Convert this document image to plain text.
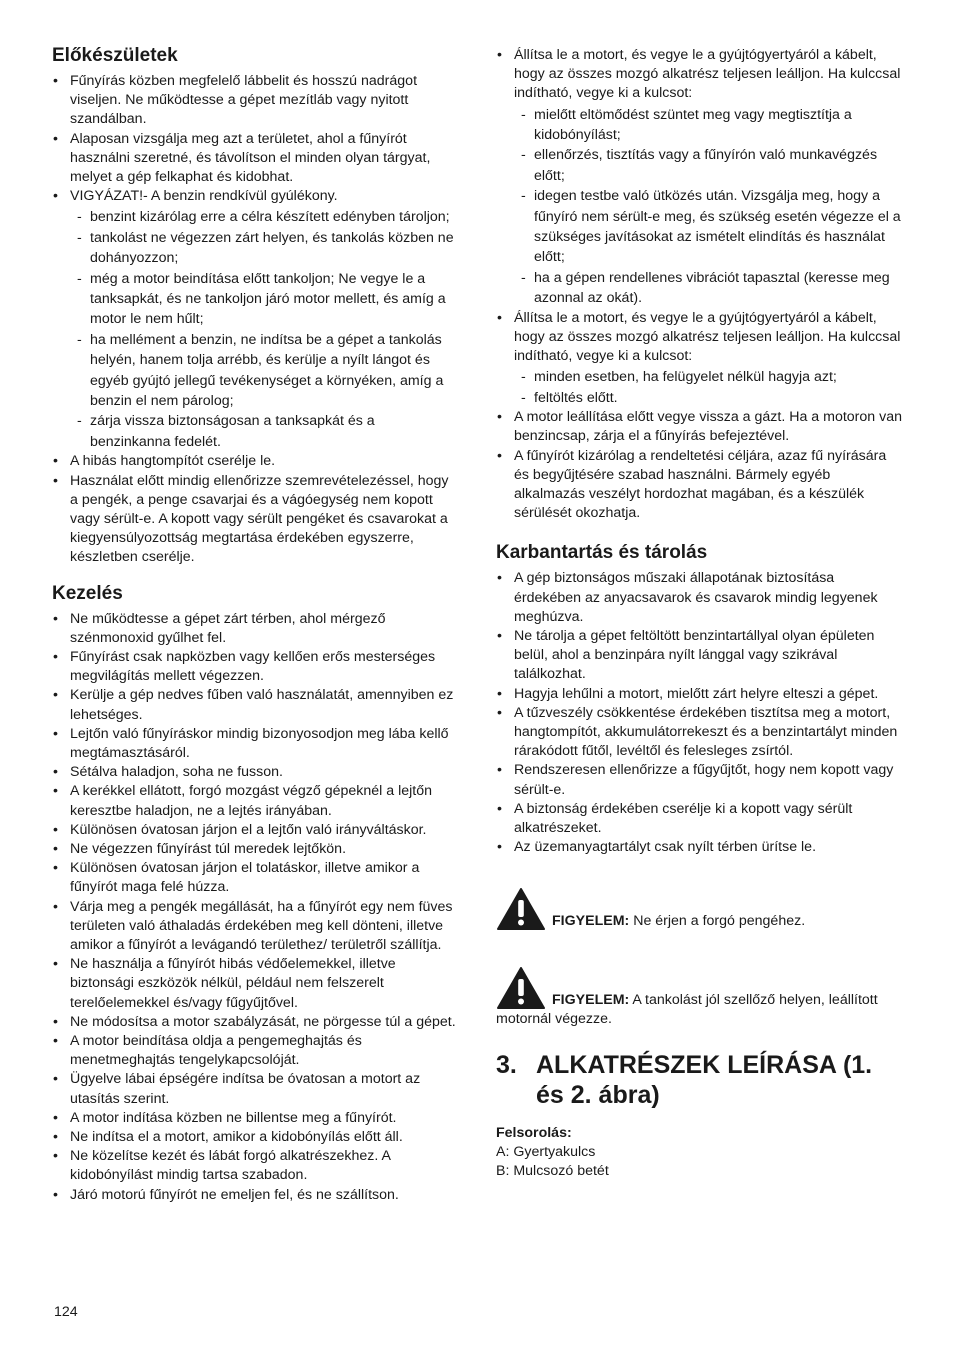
Előkészületek
• Fűnyírás közben megfelelő lábbelit és hosszú nadrágot viseljen. Ne működtesse a gépet mezítláb vagy nyitott szandálban.
• Alaposan vizsgálja meg azt a területet, ahol a fűnyírót használni szeretné, és távolítson el minden olyan tárgyat, melyet a gép felkaphat és kidobhat.
• VIGYÁZAT!- A benzin rendkívül gyúlékony.
- benzint kizárólag erre a célra készített edényben tároljon;
- tankolást ne végezzen zárt helyen, és tankolás közben ne dohányozzon;
- még a motor beindítása előtt tankoljon; Ne vegye le a tanksapkát, és ne tankoljon járó motor mellett, és amíg a motor le nem hűlt;
- ha mellément a benzin, ne indítsa be a gépet a tankolás helyén, hanem tolja arrébb, és kerülje a nyílt lángot és egyéb gyújtó jellegű tevékenységet a környéken, amíg a benzin el nem párolog;
- zárja vissza biztonságosan a tanksapkát és a benzinkanna fedelét.
• A hibás hangtompítót cserélje le.
• Használat előtt mindig ellenőrizze szemrevételezéssel, hogy a pengék, a penge csavarjai és a vágóegység nem kopott vagy sérült-e. A kopott vagy sérült pengéket és csavarokat a kiegyensúlyozottság megtartása érdekében egyszerre, készletben cserélje.
Kezelés
• Ne működtesse a gépet zárt térben, ahol mérgező szénmonoxid gyűlhet fel.
• Fűnyírást csak napközben vagy kellően erős mesterséges megvilágítás mellett végezzen.
• Kerülje a gép nedves fűben való használatát, amennyiben ez lehetséges.
• Lejtőn való fűnyíráskor mindig bizonyosodjon meg lába kellő megtámasztásáról.
• Sétálva haladjon, soha ne fusson.
• A kerékkel ellátott, forgó mozgást végző gépeknél a lejtőn keresztbe haladjon, ne a lejtés irányában.
• Különösen óvatosan járjon el a lejtőn való irányváltáskor.
• Ne végezzen fűnyírást túl meredek lejtőkön.
• Különösen óvatosan járjon el tolatáskor, illetve amikor a fűnyírót maga felé húzza.
• Várja meg a pengék megállását, ha a fűnyírót egy nem füves területen való áthaladás érdekében meg kell dönteni, illetve amikor a fűnyírót a levágandó területhez/ területről szállítja.
• Ne használja a fűnyírót hibás védőelemekkel, illetve biztonsági eszközök nélkül, például nem felszerelt terelőelemekkel és/vagy fűgyűjtővel.
• Ne módosítsa a motor szabályzását, ne pörgesse túl a gépet.
• A motor beindítása oldja a pengemeghajtás és menetmeghajtás tengelykapcsolóját.
• Ügyelve lábai épségére indítsa be óvatosan a motort az utasítás szerint.
• A motor indítása közben ne billentse meg a fűnyírót.
• Ne indítsa el a motort, amikor a kidobónyílás előtt áll.
• Ne közelítse kezét és lábát forgó alkatrészekhez. A kidobónyílást mindig tartsa szabadon.
• Járó motorú fűnyírót ne emeljen fel, és ne szállítson.
• Állítsa le a motort, és vegye le a gyújtógyertyáról a kábelt, hogy az összes mozgó alkatrész teljesen leálljon. Ha kulccsal indítható, vegye ki a kulcsot:
- mielőtt eltömődést szüntet meg vagy megtisztítja a kidobónyílást;
- ellenőrzés, tisztítás vagy a fűnyírón való munkavégzés előtt;
- idegen testbe való ütközés után. Vizsgálja meg, hogy a fűnyíró nem sérült-e meg, és szükség esetén végezze el a szükséges javításokat az ismételt elindítás és használat előtt;
- ha a gépen rendellenes vibrációt tapasztal (keresse meg azonnal az okát).
• Állítsa le a motort, és vegye le a gyújtógyertyáról a kábelt, hogy az összes mozgó alkatrész teljesen leálljon. Ha kulccsal indítható, vegye ki a kulcsot:
- minden esetben, ha felügyelet nélkül hagyja azt;
- feltöltés előtt.
• A motor leállítása előtt vegye vissza a gázt. Ha a motoron van benzincsap, zárja el a fűnyírás befejeztével.
• A fűnyírót kizárólag a rendeltetési céljára, azaz fű nyírására és begyűjtésére szabad használni. Bármely egyéb alkalmazás veszélyt hordozhat magában, és a készülék sérülését okozhatja.
Karbantartás és tárolás
• A gép biztonságos műszaki állapotának biztosítása érdekében az anyacsavarok és csavarok mindig legyenek meghúzva.
• Ne tárolja a gépet feltöltött benzintartállyal olyan épületen belül, ahol a benzinpára nyílt lánggal vagy szikrával találkozhat.
• Hagyja lehűlni a motort, mielőtt zárt helyre elteszi a gépet.
• A tűzveszély csökkentése érdekében tisztítsa meg a motort, hangtompítót, akkumulátorrekeszt és a benzintartályt minden rárakódott fűtől, levéltől és felesleges zsírtól.
• Rendszeresen ellenőrizze a fűgyűjtőt, hogy nem kopott vagy sérült-e.
• A biztonság érdekében cserélje ki a kopott vagy sérült alkatrészeket.
• Az üzemanyagtartályt csak nyílt térben ürítse le.
FIGYELEM: Ne érjen a forgó pengéhez.
FIGYELEM: A tankolást jól szellőző helyen, leállított motornál végezze.
3. ALKATRÉSZEK LEÍRÁSA (1. és 2. ábra)
Felsorolás:
A: Gyertyakulcs
B: Mulcsozó betét
124
